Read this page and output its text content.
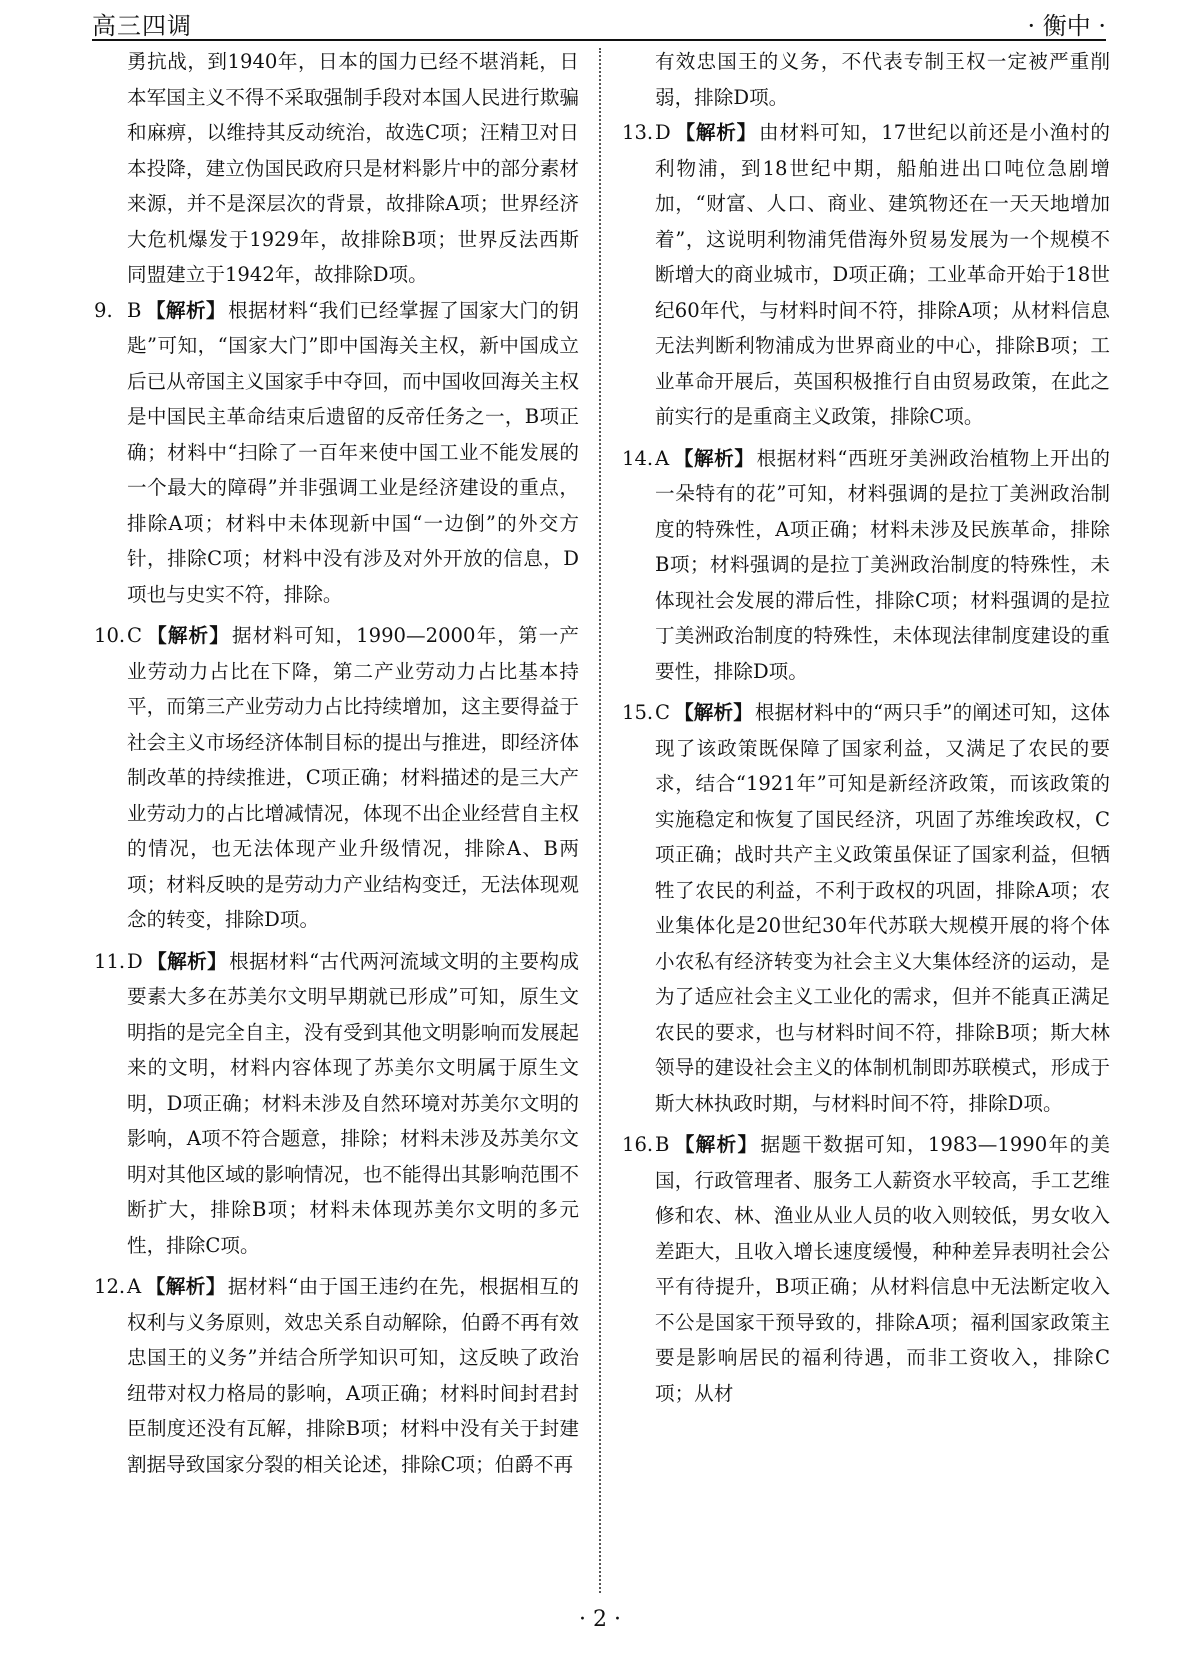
高三四调	· 衡中 ·

勇抗战，到1940年，日本的国力已经不堪消耗，日本军国主义不得不采取强制手段对本国人民进行欺骗和麻痹，以维持其反动统治，故选C项；汪精卫对日本投降，建立伪国民政府只是材料影片中的部分素材来源，并不是深层次的背景，故排除A项；世界经济大危机爆发于1929年，故排除B项；世界反法西斯同盟建立于1942年，故排除D项。

9. B 【解析】 根据材料“我们已经掌握了国家大门的钥匙”可知，“国家大门”即中国海关主权，新中国成立后已从帝国主义国家手中夺回，而中国收回海关主权是中国民主革命结束后遗留的反帝任务之一，B项正确；材料中“扫除了一百年来使中国工业不能发展的一个最大的障碍”并非强调工业是经济建设的重点，排除A项；材料中未体现新中国“一边倒”的外交方针，排除C项；材料中没有涉及对外开放的信息，D项也与史实不符，排除。
10. C 【解析】 据材料可知，1990—2000年，第一产业劳动力占比在下降，第二产业劳动力占比基本持平，而第三产业劳动力占比持续增加，这主要得益于社会主义市场经济体制目标的提出与推进，即经济体制改革的持续推进，C项正确；材料描述的是三大产业劳动力的占比增减情况，体现不出企业经营自主权的情况，也无法体现产业升级情况，排除A、B两项；材料反映的是劳动力产业结构变迁，无法体现观念的转变，排除D项。
11. D 【解析】 根据材料“古代两河流域文明的主要构成要素大多在苏美尔文明早期就已形成”可知，原生文明指的是完全自主，没有受到其他文明影响而发展起来的文明，材料内容体现了苏美尔文明属于原生文明，D项正确；材料未涉及自然环境对苏美尔文明的影响，A项不符合题意，排除；材料未涉及苏美尔文明对其他区域的影响情况，也不能得出其影响范围不断扩大，排除B项；材料未体现苏美尔文明的多元性，排除C项。
12. A 【解析】 据材料“由于国王违约在先，根据相互的权利与义务原则，效忠关系自动解除，伯爵不再有效忠国王的义务”并结合所学知识可知，这反映了政治纽带对权力格局的影响，A项正确；材料时间封君封臣制度还没有瓦解，排除B项；材料中没有关于封建割据导致国家分裂的相关论述，排除C项；伯爵不再

有效忠国王的义务，不代表专制王权一定被严重削弱，排除D项。

13. D 【解析】 由材料可知，17世纪以前还是小渔村的利物浦，到18世纪中期，船舶进出口吨位急剧增加，“财富、人口、商业、建筑物还在一天天地增加着”，这说明利物浦凭借海外贸易发展为一个规模不断增大的商业城市，D项正确；工业革命开始于18世纪60年代，与材料时间不符，排除A项；从材料信息无法判断利物浦成为世界商业的中心，排除B项；工业革命开展后，英国积极推行自由贸易政策，在此之前实行的是重商主义政策，排除C项。
14. A 【解析】 根据材料“西班牙美洲政治植物上开出的一朵特有的花”可知，材料强调的是拉丁美洲政治制度的特殊性，A项正确；材料未涉及民族革命，排除B项；材料强调的是拉丁美洲政治制度的特殊性，未体现社会发展的滞后性，排除C项；材料强调的是拉丁美洲政治制度的特殊性，未体现法律制度建设的重要性，排除D项。
15. C 【解析】 根据材料中的“两只手”的阐述可知，这体现了该政策既保障了国家利益，又满足了农民的要求，结合“1921年”可知是新经济政策，而该政策的实施稳定和恢复了国民经济，巩固了苏维埃政权，C项正确；战时共产主义政策虽保证了国家利益，但牺牲了农民的利益，不利于政权的巩固，排除A项；农业集体化是20世纪30年代苏联大规模开展的将个体小农私有经济转变为社会主义大集体经济的运动，是为了适应社会主义工业化的需求，但并不能真正满足农民的要求，也与材料时间不符，排除B项；斯大林领导的建设社会主义的体制机制即苏联模式，形成于斯大林执政时期，与材料时间不符，排除D项。
16. B 【解析】 据题干数据可知，1983—1990年的美国，行政管理者、服务工人薪资水平较高，手工艺维修和农、林、渔业从业人员的收入则较低，男女收入差距大，且收入增长速度缓慢，种种差异表明社会公平有待提升，B项正确；从材料信息中无法断定收入不公是国家干预导致的，排除A项；福利国家政策主要是影响居民的福利待遇，而非工资收入，排除C项；从材
· 2 ·
